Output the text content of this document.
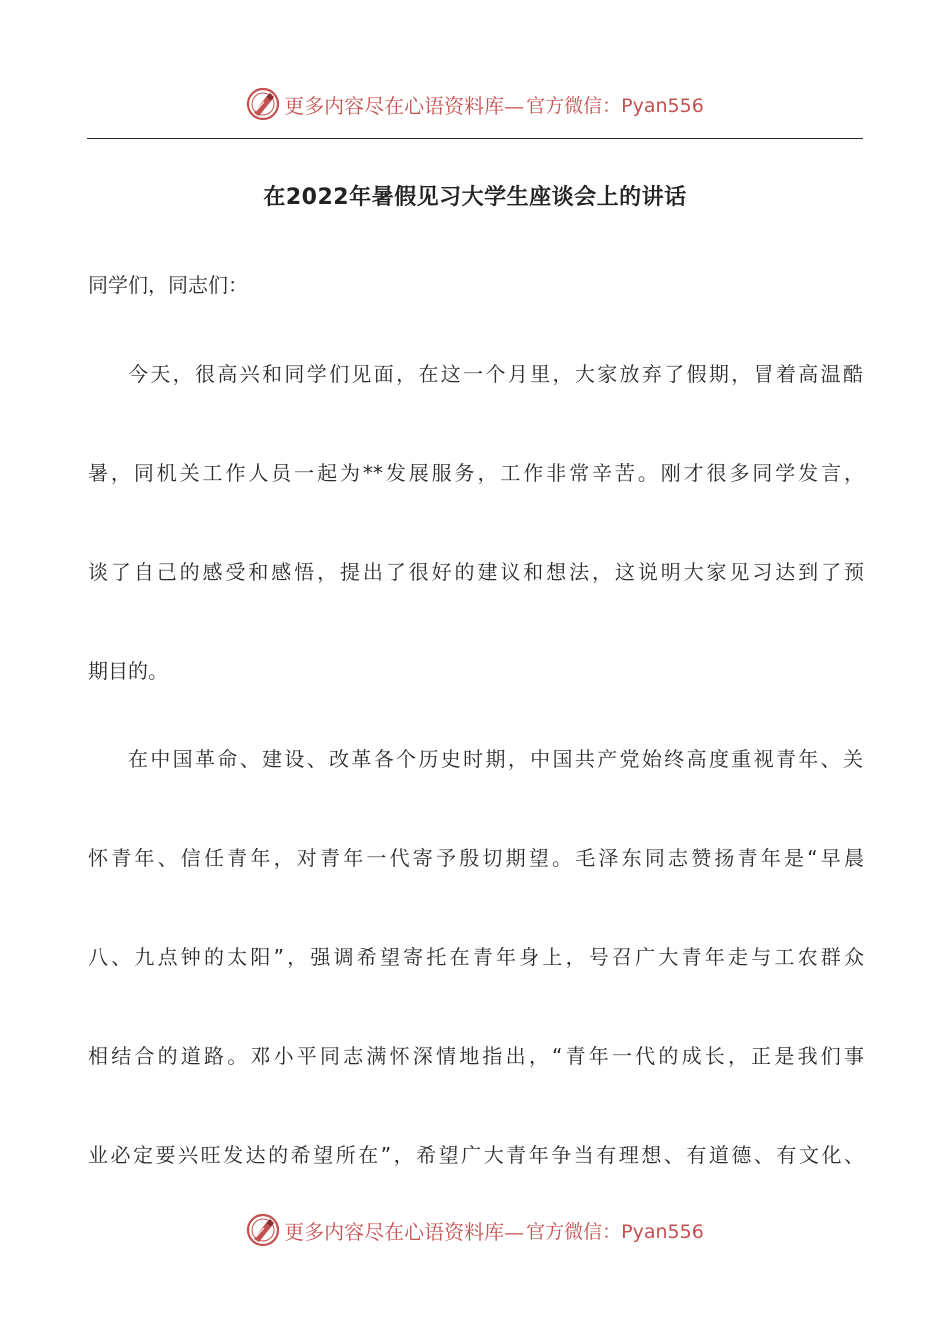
更多内容尽在心语资料库— 官方微信：Pyan556
在2022年暑假见习大学生座谈会上的讲话
同学们，同志们：
今天，很高兴和同学们见面，在这一个月里，大家放弃了假期，冒着高温酷
暑，同机关工作人员一起为**发展服务，工作非常辛苦。刚才很多同学发言，
谈了自己的感受和感悟，提出了很好的建议和想法，这说明大家见习达到了预
期目的。
在中国革命、建设、改革各个历史时期，中国共产党始终高度重视青年、关
怀青年、信任青年，对青年一代寄予殷切期望。毛泽东同志赞扬青年是“早晨
八、九点钟的太阳”，强调希望寄托在青年身上，号召广大青年走与工农群众
相结合的道路。邓小平同志满怀深情地指出，“青年一代的成长，正是我们事
业必定要兴旺发达的希望所在”，希望广大青年争当有理想、有道德、有文化、
更多内容尽在心语资料库— 官方微信：Pyan556
